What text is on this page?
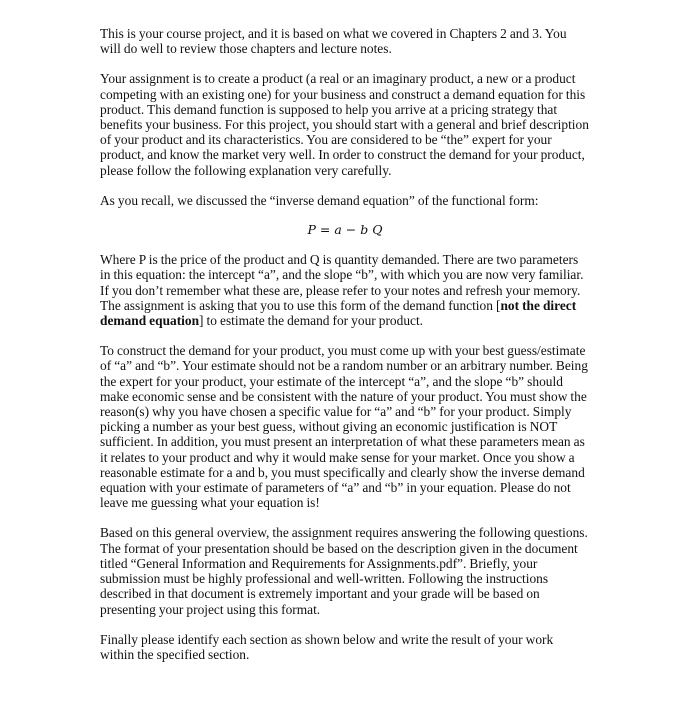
This is your course project, and it is based on what we covered in Chapters 2 and 3. You will do well to review those chapters and lecture notes.

Your assignment is to create a product (a real or an imaginary product, a new or a product competing with an existing one) for your business and construct a demand equation for this product. This demand function is supposed to help you arrive at a pricing strategy that benefits your business. For this project, you should start with a general and brief description of your product and its characteristics. You are considered to be “the” expert for your product, and know the market very well. In order to construct the demand for your product, please follow the following explanation very carefully.

As you recall, we discussed the “inverse demand equation” of the functional form:

P = a − b Q

Where P is the price of the product and Q is quantity demanded. There are two parameters in this equation: the intercept “a”, and the slope “b”, with which you are now very familiar. If you don’t remember what these are, please refer to your notes and refresh your memory. The assignment is asking that you to use this form of the demand function [not the direct demand equation] to estimate the demand for your product.

To construct the demand for your product, you must come up with your best guess/estimate of “a” and “b”. Your estimate should not be a random number or an arbitrary number. Being the expert for your product, your estimate of the intercept “a”, and the slope “b” should make economic sense and be consistent with the nature of your product. You must show the reason(s) why you have chosen a specific value for “a” and “b” for your product. Simply picking a number as your best guess, without giving an economic justification is NOT sufficient. In addition, you must present an interpretation of what these parameters mean as it relates to your product and why it would make sense for your market. Once you show a reasonable estimate for a and b, you must specifically and clearly show the inverse demand equation with your estimate of parameters of “a” and “b” in your equation. Please do not leave me guessing what your equation is!

Based on this general overview, the assignment requires answering the following questions. The format of your presentation should be based on the description given in the document titled “General Information and Requirements for Assignments.pdf”. Briefly, your submission must be highly professional and well-written. Following the instructions described in that document is extremely important and your grade will be based on presenting your project using this format.

Finally please identify each section as shown below and write the result of your work within the specified section.
